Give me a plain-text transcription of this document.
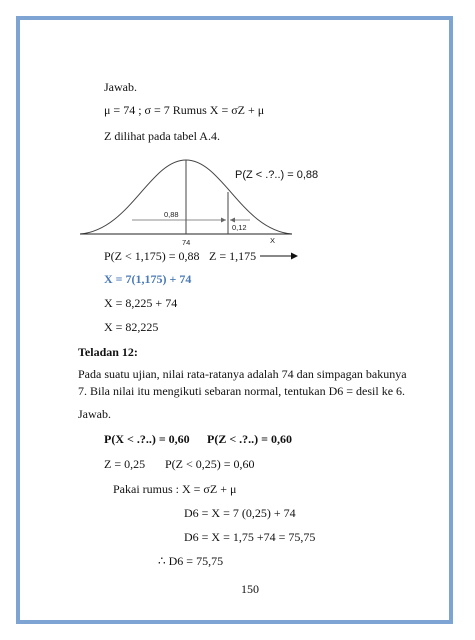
Jawab.
μ = 74 ; σ = 7 Rumus X = σZ + μ
Z dilihat pada tabel A.4.
P(Z < .?..) = 0,88
0,88
0,12
74	X
P(Z < 1,175) = 0,88 Z = 1,175
X = 7(1,175) + 74
X = 8,225 + 74
X = 82,225
Teladan 12:
Pada suatu ujian, nilai rata-ratanya adalah 74 dan simpagan bakunya 7. Bila nilai itu mengikuti sebaran normal, tentukan D6 = desil ke 6.
Jawab.
P(X < .?..) = 0,60 P(Z < .?..) = 0,60
Z = 0,25 P(Z < 0,25) = 0,60
Pakai rumus : X = σZ + μ
D6 = X = 7 (0,25) + 74
D6 = X = 1,75 +74 = 75,75
∴ D6 = 75,75
150
